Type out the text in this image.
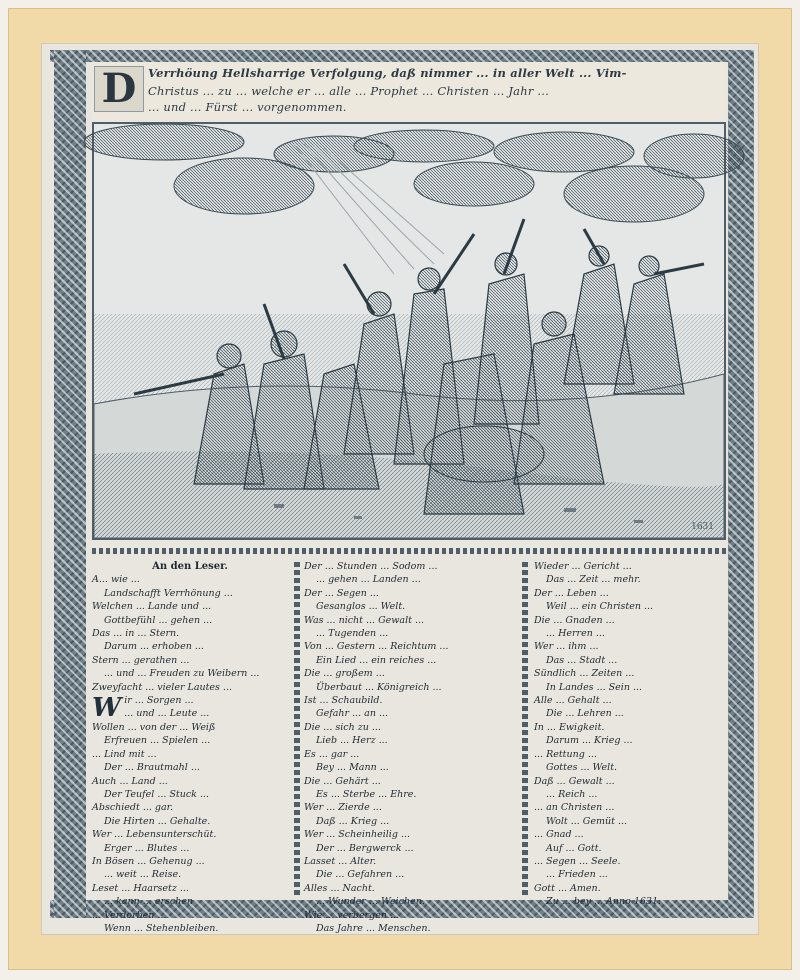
D	Verrhöung Hellsharrige Verfolgung, daß nimmer ... in aller Welt ... Vim-
Christus ... zu ... welche er ... alle ... Prophet ... Christen ... Jahr ...
... und ... Fürst ... vorgenommen.
1631
An den Leser.
A... wie ...
Landschafft Verrhönung ...
Welchen ... Lande und ...
Gottbefühl ... gehen ...
Das ... in ... Stern.
Darum ... erhoben ...
Stern ... gerathen ...
... und ... Freuden zu Weibern ...
Zweyfacht ... vieler Lautes ...
Wir ... Sorgen ...
... und ... Leute ...
Wollen ... von der ... Weiß
Erfreuen ... Spielen ...
... Lind mit ...
Der ... Brautmahl ...
Auch ... Land ...
Der Teufel ... Stuck ...
Abschiedt ... gar.
Die Hirten ... Gehalte.
Wer ... Lebensunterschüt.
Erger ... Blutes ...
In Bösen ... Gehenug ...
... weit ... Reise.
Leset ... Haarsetz ...
... kann ... erschen
... Verdorben ...
Wenn ... Stehenbleiben.
Der ... Stunden ... Sodom ...
... gehen ... Landen ...
Der ... Segen ...
Gesanglos ... Welt.
Was ... nicht ... Gewalt ...
... Tugenden ...
Von ... Gestern ... Reichtum ...
Ein Lied ... ein reiches ...
Die ... großem ...
Überbaut ... Königreich ...
Ist ... Schaubild.
Gefahr ... an ...
Die ... sich zu ...
Lieb ... Herz ...
Es ... gar ...
Bey ... Mann ...
Die ... Gehärt ...
Es ... Sterbe ... Ehre.
Wer ... Zierde ...
Daß ... Krieg ...
Wer ... Scheinheilig ...
Der ... Bergwerck ...
Lasset ... Alter.
Die ... Gefahren ...
Alles ... Nacht.
... Wunder ... Weichen.
Wie ... verbergen ...
Das Jahre ... Menschen.
Wieder ... Gericht ...
Das ... Zeit ... mehr.
Der ... Leben ...
Weil ... ein Christen ...
Die ... Gnaden ...
... Herren ...
Wer ... ihm ...
Das ... Stadt ...
Sündlich ... Zeiten ...
In Landes ... Sein ...
Alle ... Gehalt ...
Die ... Lehren ...
In ... Ewigkeit.
Darum ... Krieg ...
... Rettung ...
Gottes ... Welt.
Daß ... Gewalt ...
... Reich ...
... an Christen ...
Wolt ... Gemüt ...
... Gnad ...
Auf ... Gott.
... Segen ... Seele.
... Frieden ...
Gott ... Amen.
Zu ... bey ... Anno 1631.
